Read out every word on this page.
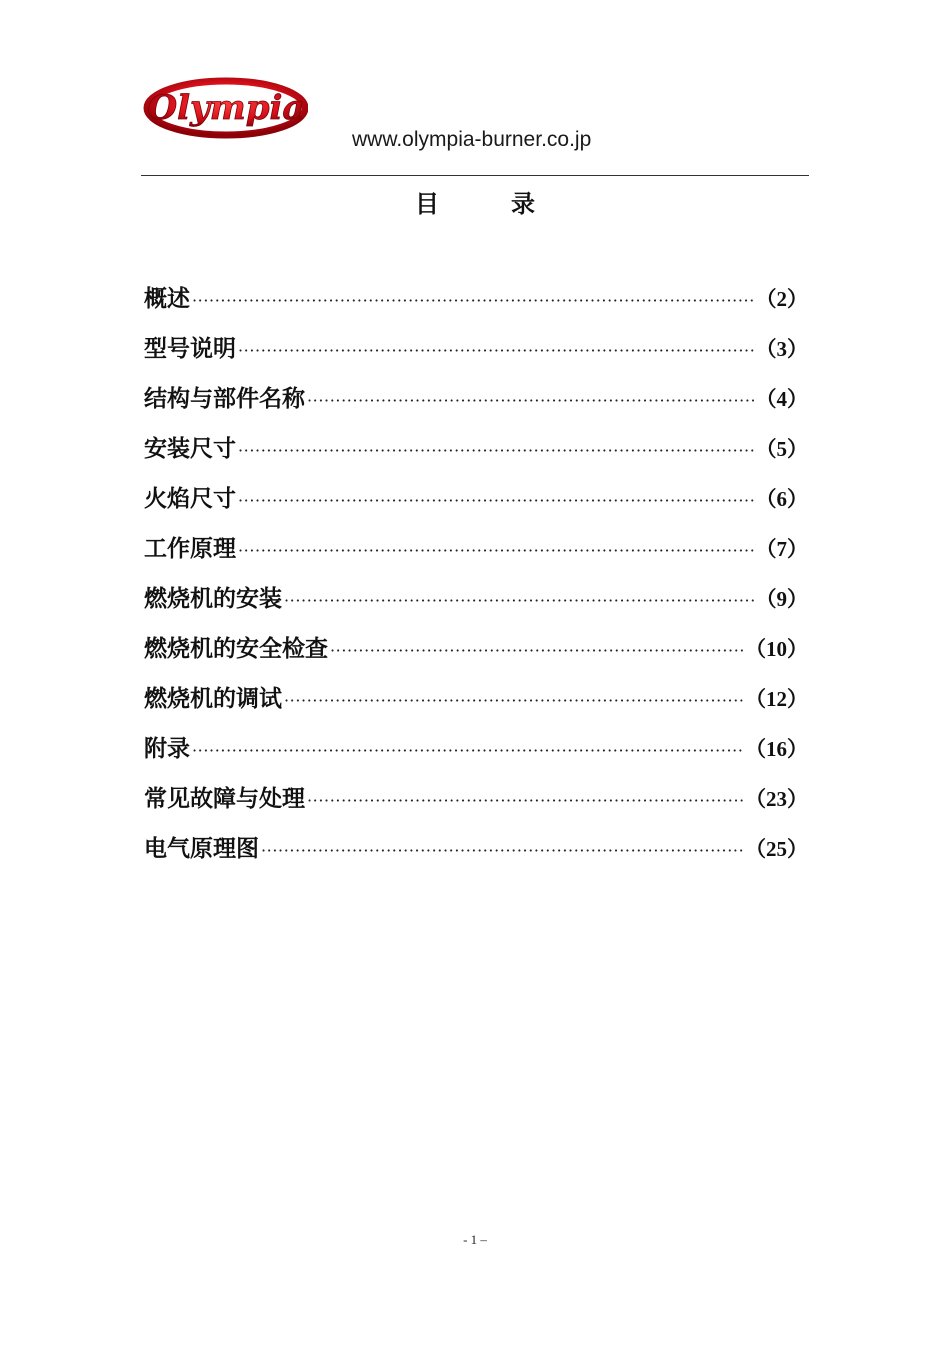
Olympia
www.olympia-burner.co.jp
目　录
概述 ·····	（2）
型号说明 ·····	（3）
结构与部件名称 ·····	（4）
安装尺寸 ·····	（5）
火焰尺寸 ·····	（6）
工作原理 ·····	（7）
燃烧机的安装 ·····	（9）
燃烧机的安全检查 ·····	（10）
燃烧机的调试 ·····	（12）
附录 ·····	（16）
常见故障与处理 ·····	（23）
电气原理图 ·····	（25）
- 1 –
